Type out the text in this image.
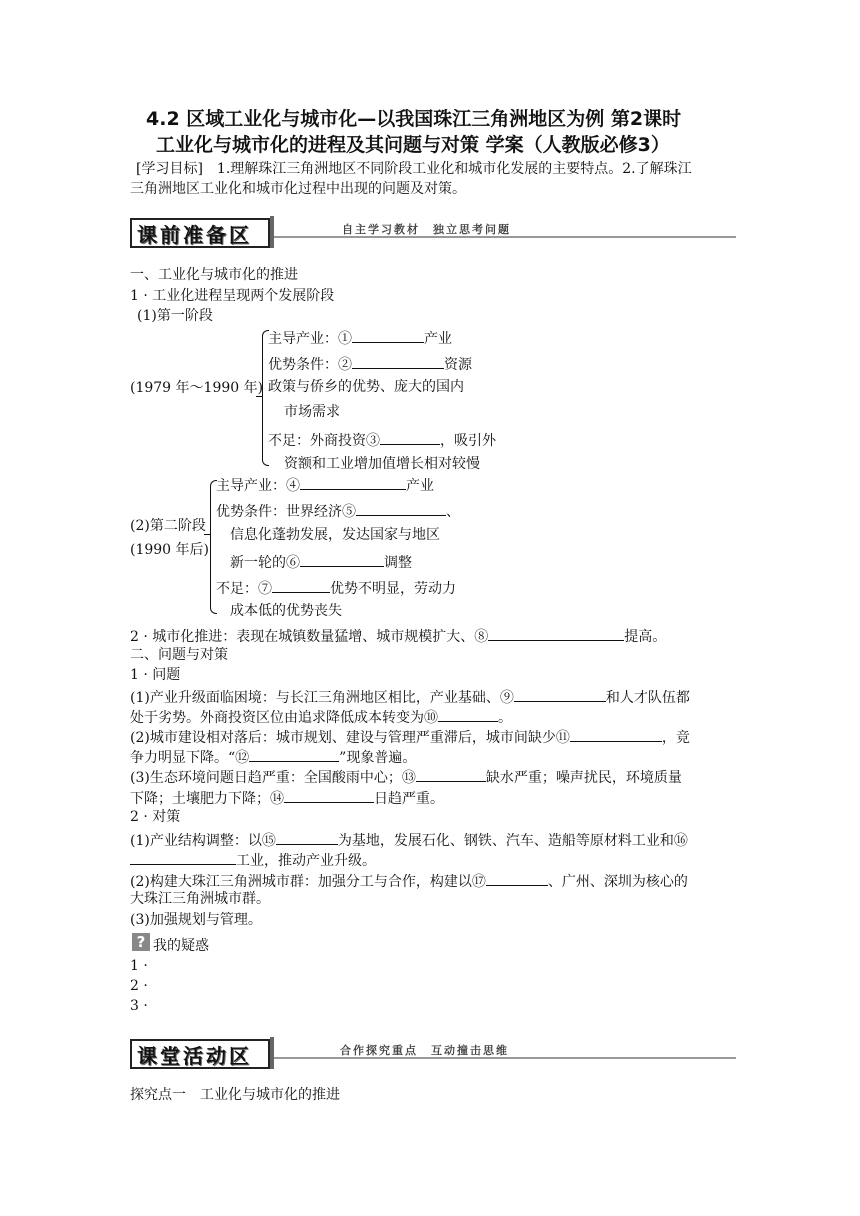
4.2 区域工业化与城市化—以我国珠江三角洲地区为例 第2课时
工业化与城市化的进程及其问题与对策 学案（人教版必修3）
[学习目标]　1.理解珠江三角洲地区不同阶段工业化和城市化发展的主要特点。2.了解珠江
三角洲地区工业化和城市化过程中出现的问题及对策。
课前准备区	自主学习教材　独立思考问题
一、工业化与城市化的推进
1 · 工业化进程呈现两个发展阶段
(1)第一阶段
(1979 年～1990 年)
主导产业：①	产业
优势条件：②	资源
政策与侨乡的优势、庞大的国内
市场需求
不足：外商投资③	，吸引外
资额和工业增加值增长相对较慢
(2)第二阶段
(1990 年后)
主导产业：④	产业
优势条件：世界经济⑤	、
信息化蓬勃发展，发达国家与地区
新一轮的⑥	调整
不足：⑦	优势不明显，劳动力
成本低的优势丧失
2 · 城市化推进：表现在城镇数量猛增、城市规模扩大、⑧	提高。
二、问题与对策
1 · 问题
(1)产业升级面临困境：与长江三角洲地区相比，产业基础、⑨	和人才队伍都
处于劣势。外商投资区位由追求降低成本转变为⑩	。
(2)城市建设相对落后：城市规划、建设与管理严重滞后，城市间缺少⑪	，竞
争力明显下降。“⑫	”现象普遍。
(3)生态环境问题日趋严重：全国酸雨中心；⑬	缺水严重；噪声扰民，环境质量
下降；土壤肥力下降；⑭	日趋严重。
2 · 对策
(1)产业结构调整：以⑮	为基地，发展石化、钢铁、汽车、造船等原材料工业和⑯
工业，推动产业升级。
(2)构建大珠江三角洲城市群：加强分工与合作，构建以⑰	、广州、深圳为核心的
大珠江三角洲城市群。
(3)加强规划与管理。
? 我的疑惑
1 ·
2 ·
3 ·
课堂活动区	合作探究重点　互动撞击思维
探究点一　工业化与城市化的推进
